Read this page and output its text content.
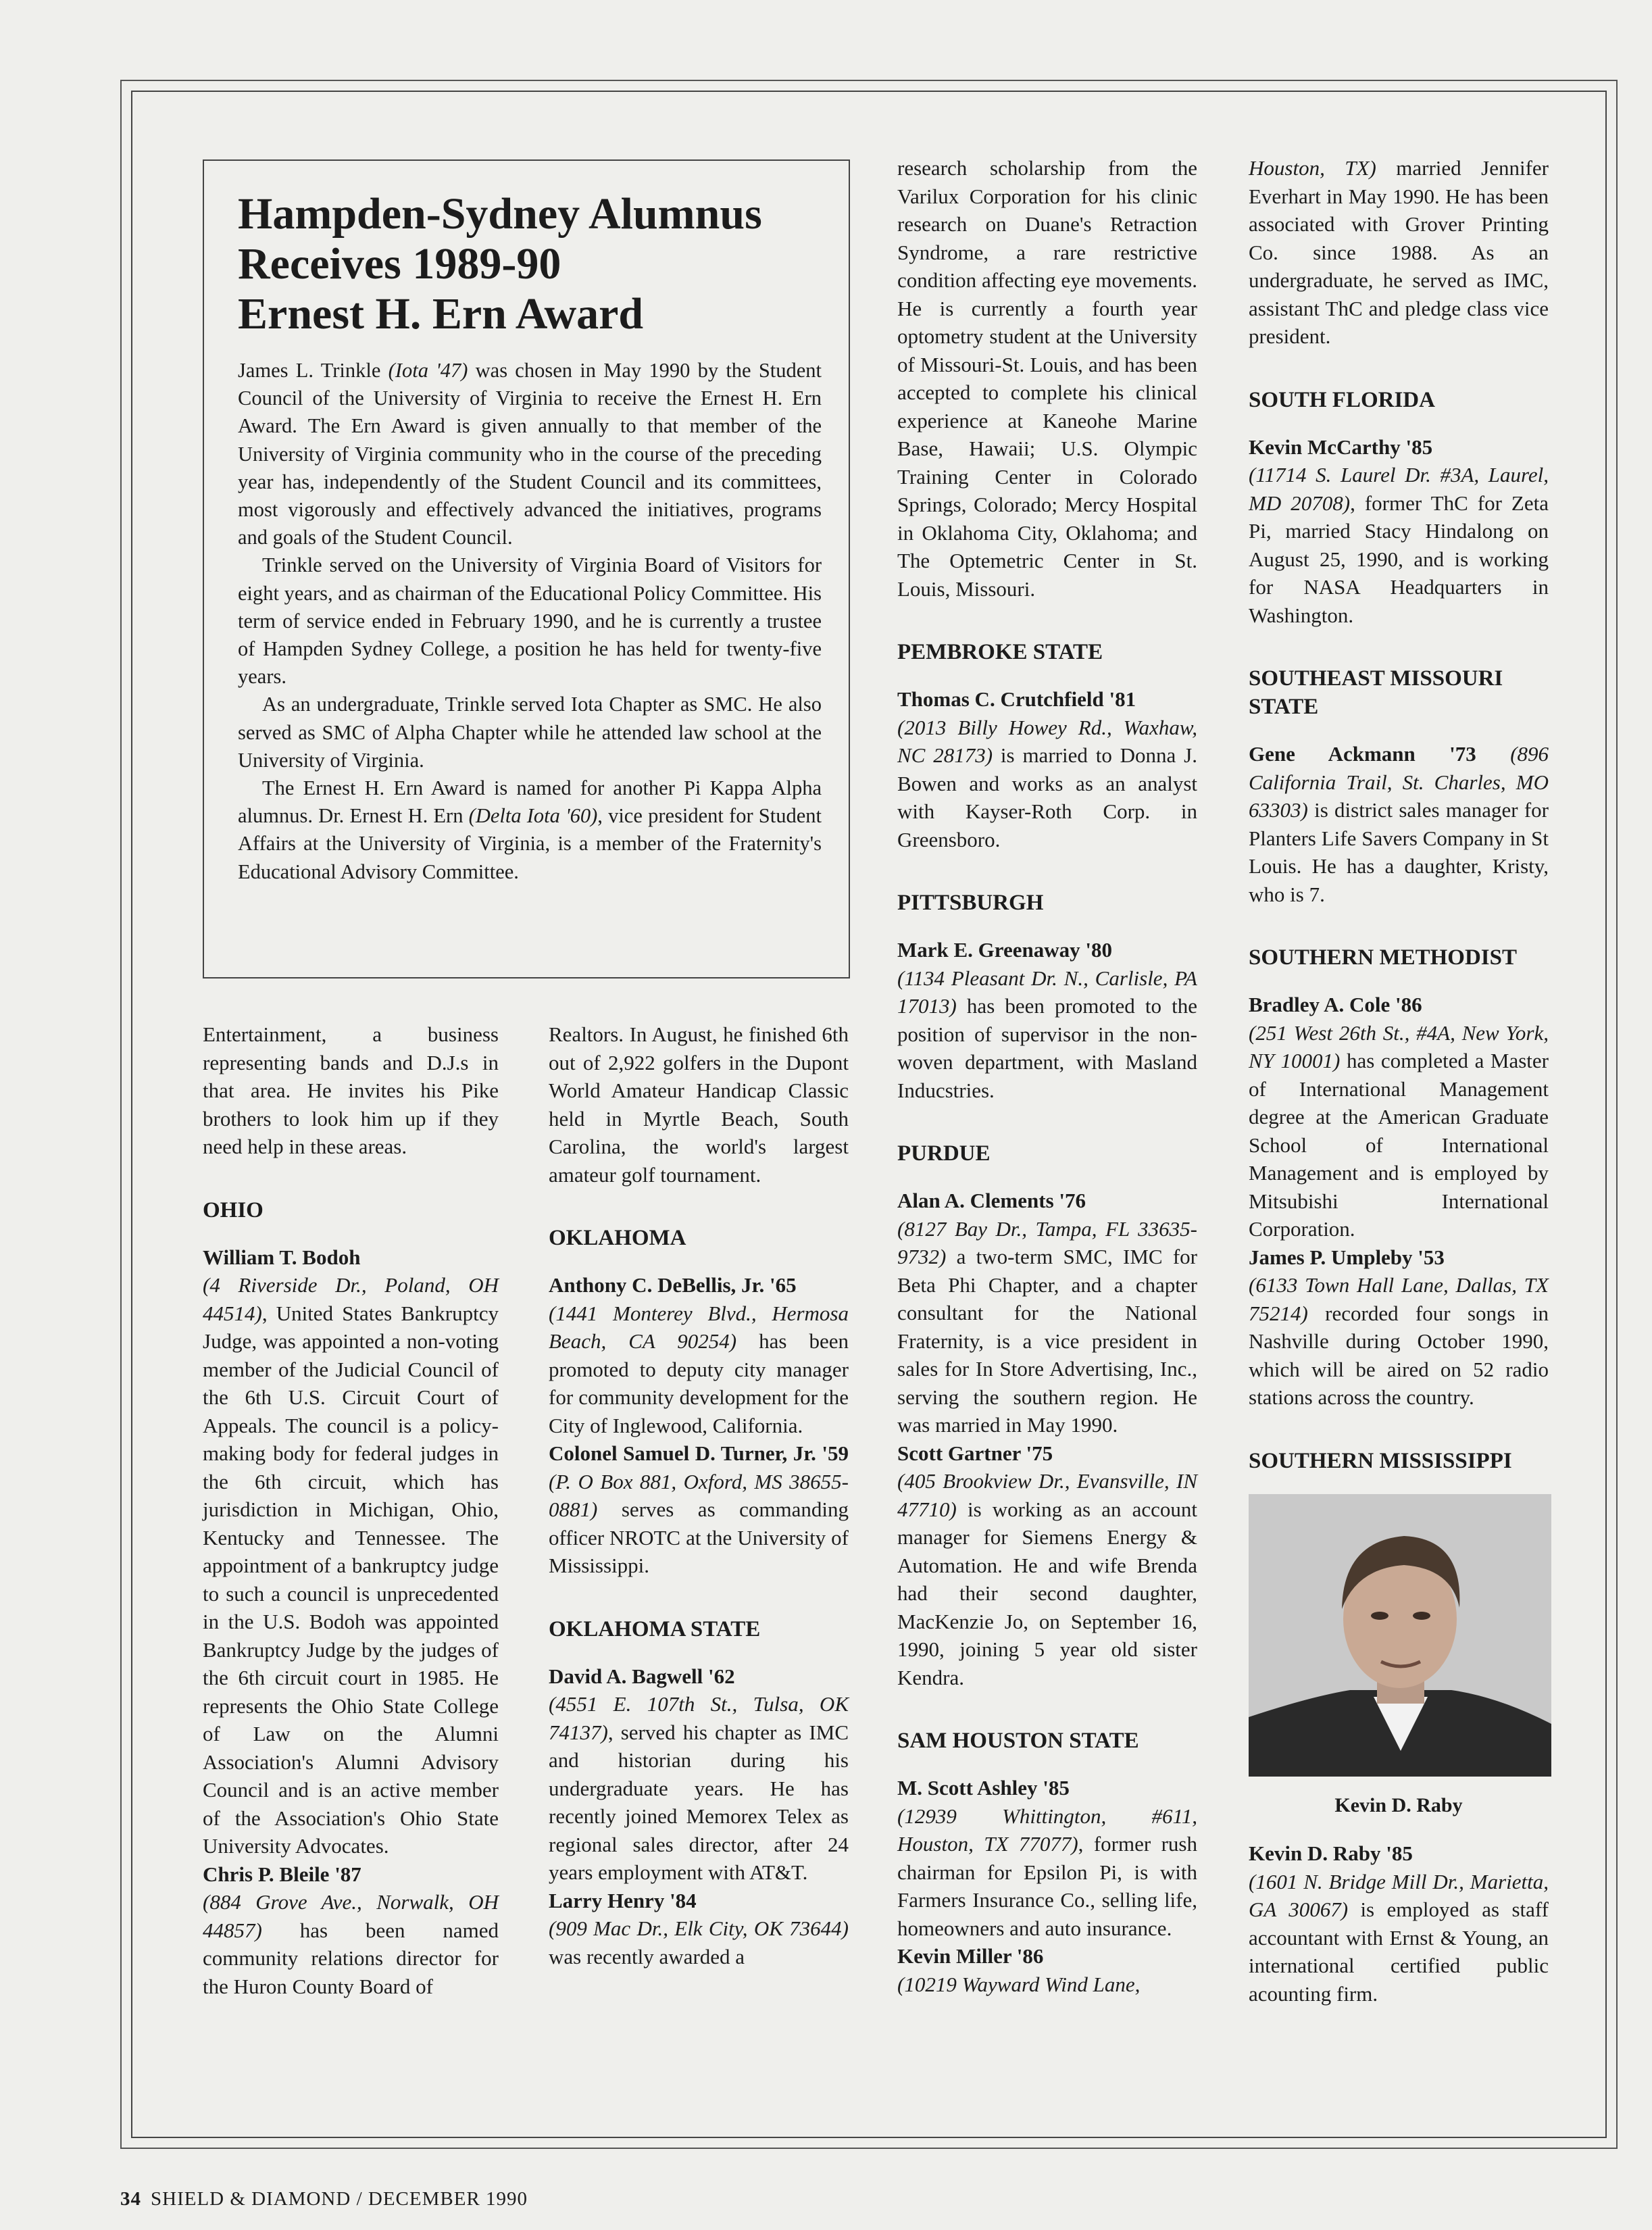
Hampden-Sydney Alumnus
Receives 1989-90
Ernest H. Ern Award

James L. Trinkle (Iota '47) was chosen in May 1990 by the Student Council of the University of Virginia to receive the Ernest H. Ern Award. The Ern Award is given annually to that member of the University of Virginia community who in the course of the preceding year has, independently of the Student Council and its committees, most vigorously and effectively advanced the initiatives, programs and goals of the Student Council.

Trinkle served on the University of Virginia Board of Visitors for eight years, and as chairman of the Educational Policy Committee. His term of service ended in February 1990, and he is currently a trustee of Hampden Sydney College, a position he has held for twenty-five years.

As an undergraduate, Trinkle served Iota Chapter as SMC. He also served as SMC of Alpha Chapter while he attended law school at the University of Virginia.

The Ernest H. Ern Award is named for another Pi Kappa Alpha alumnus. Dr. Ernest H. Ern (Delta Iota '60), vice president for Student Affairs at the University of Virginia, is a member of the Fraternity's Educational Advisory Committee.

Entertainment, a business representing bands and D.J.s in that area. He invites his Pike brothers to look him up if they need help in these areas.

OHIO

William T. Bodoh
(4 Riverside Dr., Poland, OH 44514), United States Bankruptcy Judge, was appointed a non-voting member of the Judicial Council of the 6th U.S. Circuit Court of Appeals. The council is a policy-making body for federal judges in the 6th circuit, which has jurisdiction in Michigan, Ohio, Kentucky and Tennessee. The appointment of a bankruptcy judge to such a council is unprecedented in the U.S. Bodoh was appointed Bankruptcy Judge by the judges of the 6th circuit court in 1985. He represents the Ohio State College of Law on the Alumni Association's Alumni Advisory Council and is an active member of the Association's Ohio State University Advocates.

Chris P. Bleile '87
(884 Grove Ave., Norwalk, OH 44857) has been named community relations director for the Huron County Board of

Realtors. In August, he finished 6th out of 2,922 golfers in the Dupont World Amateur Handicap Classic held in Myrtle Beach, South Carolina, the world's largest amateur golf tournament.

OKLAHOMA

Anthony C. DeBellis, Jr. '65
(1441 Monterey Blvd., Hermosa Beach, CA 90254) has been promoted to deputy city manager for community development for the City of Inglewood, California.

Colonel Samuel D. Turner, Jr. '59 (P. O Box 881, Oxford, MS 38655-0881) serves as commanding officer NROTC at the University of Mississippi.

OKLAHOMA STATE

David A. Bagwell '62
(4551 E. 107th St., Tulsa, OK 74137), served his chapter as IMC and historian during his undergraduate years. He has recently joined Memorex Telex as regional sales director, after 24 years employment with AT&T.

Larry Henry '84
(909 Mac Dr., Elk City, OK 73644) was recently awarded a

research scholarship from the Varilux Corporation for his clinic research on Duane's Retraction Syndrome, a rare restrictive condition affecting eye movements. He is currently a fourth year optometry student at the University of Missouri-St. Louis, and has been accepted to complete his clinical experience at Kaneohe Marine Base, Hawaii; U.S. Olympic Training Center in Colorado Springs, Colorado; Mercy Hospital in Oklahoma City, Oklahoma; and The Optemetric Center in St. Louis, Missouri.

PEMBROKE STATE

Thomas C. Crutchfield '81
(2013 Billy Howey Rd., Waxhaw, NC 28173) is married to Donna J. Bowen and works as an analyst with Kayser-Roth Corp. in Greensboro.

PITTSBURGH

Mark E. Greenaway '80
(1134 Pleasant Dr. N., Carlisle, PA 17013) has been promoted to the position of supervisor in the non-woven department, with Masland Inducstries.

PURDUE

Alan A. Clements '76
(8127 Bay Dr., Tampa, FL 33635-9732) a two-term SMC, IMC for Beta Phi Chapter, and a chapter consultant for the National Fraternity, is a vice president in sales for In Store Advertising, Inc., serving the southern region. He was married in May 1990.

Scott Gartner '75
(405 Brookview Dr., Evansville, IN 47710) is working as an account manager for Siemens Energy & Automation. He and wife Brenda had their second daughter, MacKenzie Jo, on September 16, 1990, joining 5 year old sister Kendra.

SAM HOUSTON STATE

M. Scott Ashley '85
(12939 Whittington, #611, Houston, TX 77077), former rush chairman for Epsilon Pi, is with Farmers Insurance Co., selling life, homeowners and auto insurance.

Kevin Miller '86
(10219 Wayward Wind Lane,

Houston, TX) married Jennifer Everhart in May 1990. He has been associated with Grover Printing Co. since 1988. As an undergraduate, he served as IMC, assistant ThC and pledge class vice president.

SOUTH FLORIDA

Kevin McCarthy '85
(11714 S. Laurel Dr. #3A, Laurel, MD 20708), former ThC for Zeta Pi, married Stacy Hindalong on August 25, 1990, and is working for NASA Headquarters in Washington.

SOUTHEAST MISSOURI STATE

Gene Ackmann '73 (896 California Trail, St. Charles, MO 63303) is district sales manager for Planters Life Savers Company in St Louis. He has a daughter, Kristy, who is 7.

SOUTHERN METHODIST

Bradley A. Cole '86
(251 West 26th St., #4A, New York, NY 10001) has completed a Master of International Management degree at the American Graduate School of International Management and is employed by Mitsubishi International Corporation.

James P. Umpleby '53
(6133 Town Hall Lane, Dallas, TX 75214) recorded four songs in Nashville during October 1990, which will be aired on 52 radio stations across the country.

SOUTHERN MISSISSIPPI
Kevin D. Raby

Kevin D. Raby '85
(1601 N. Bridge Mill Dr., Marietta, GA 30067) is employed as staff accountant with Ernst & Young, an international certified public acounting firm.

34 SHIELD & DIAMOND / DECEMBER 1990
